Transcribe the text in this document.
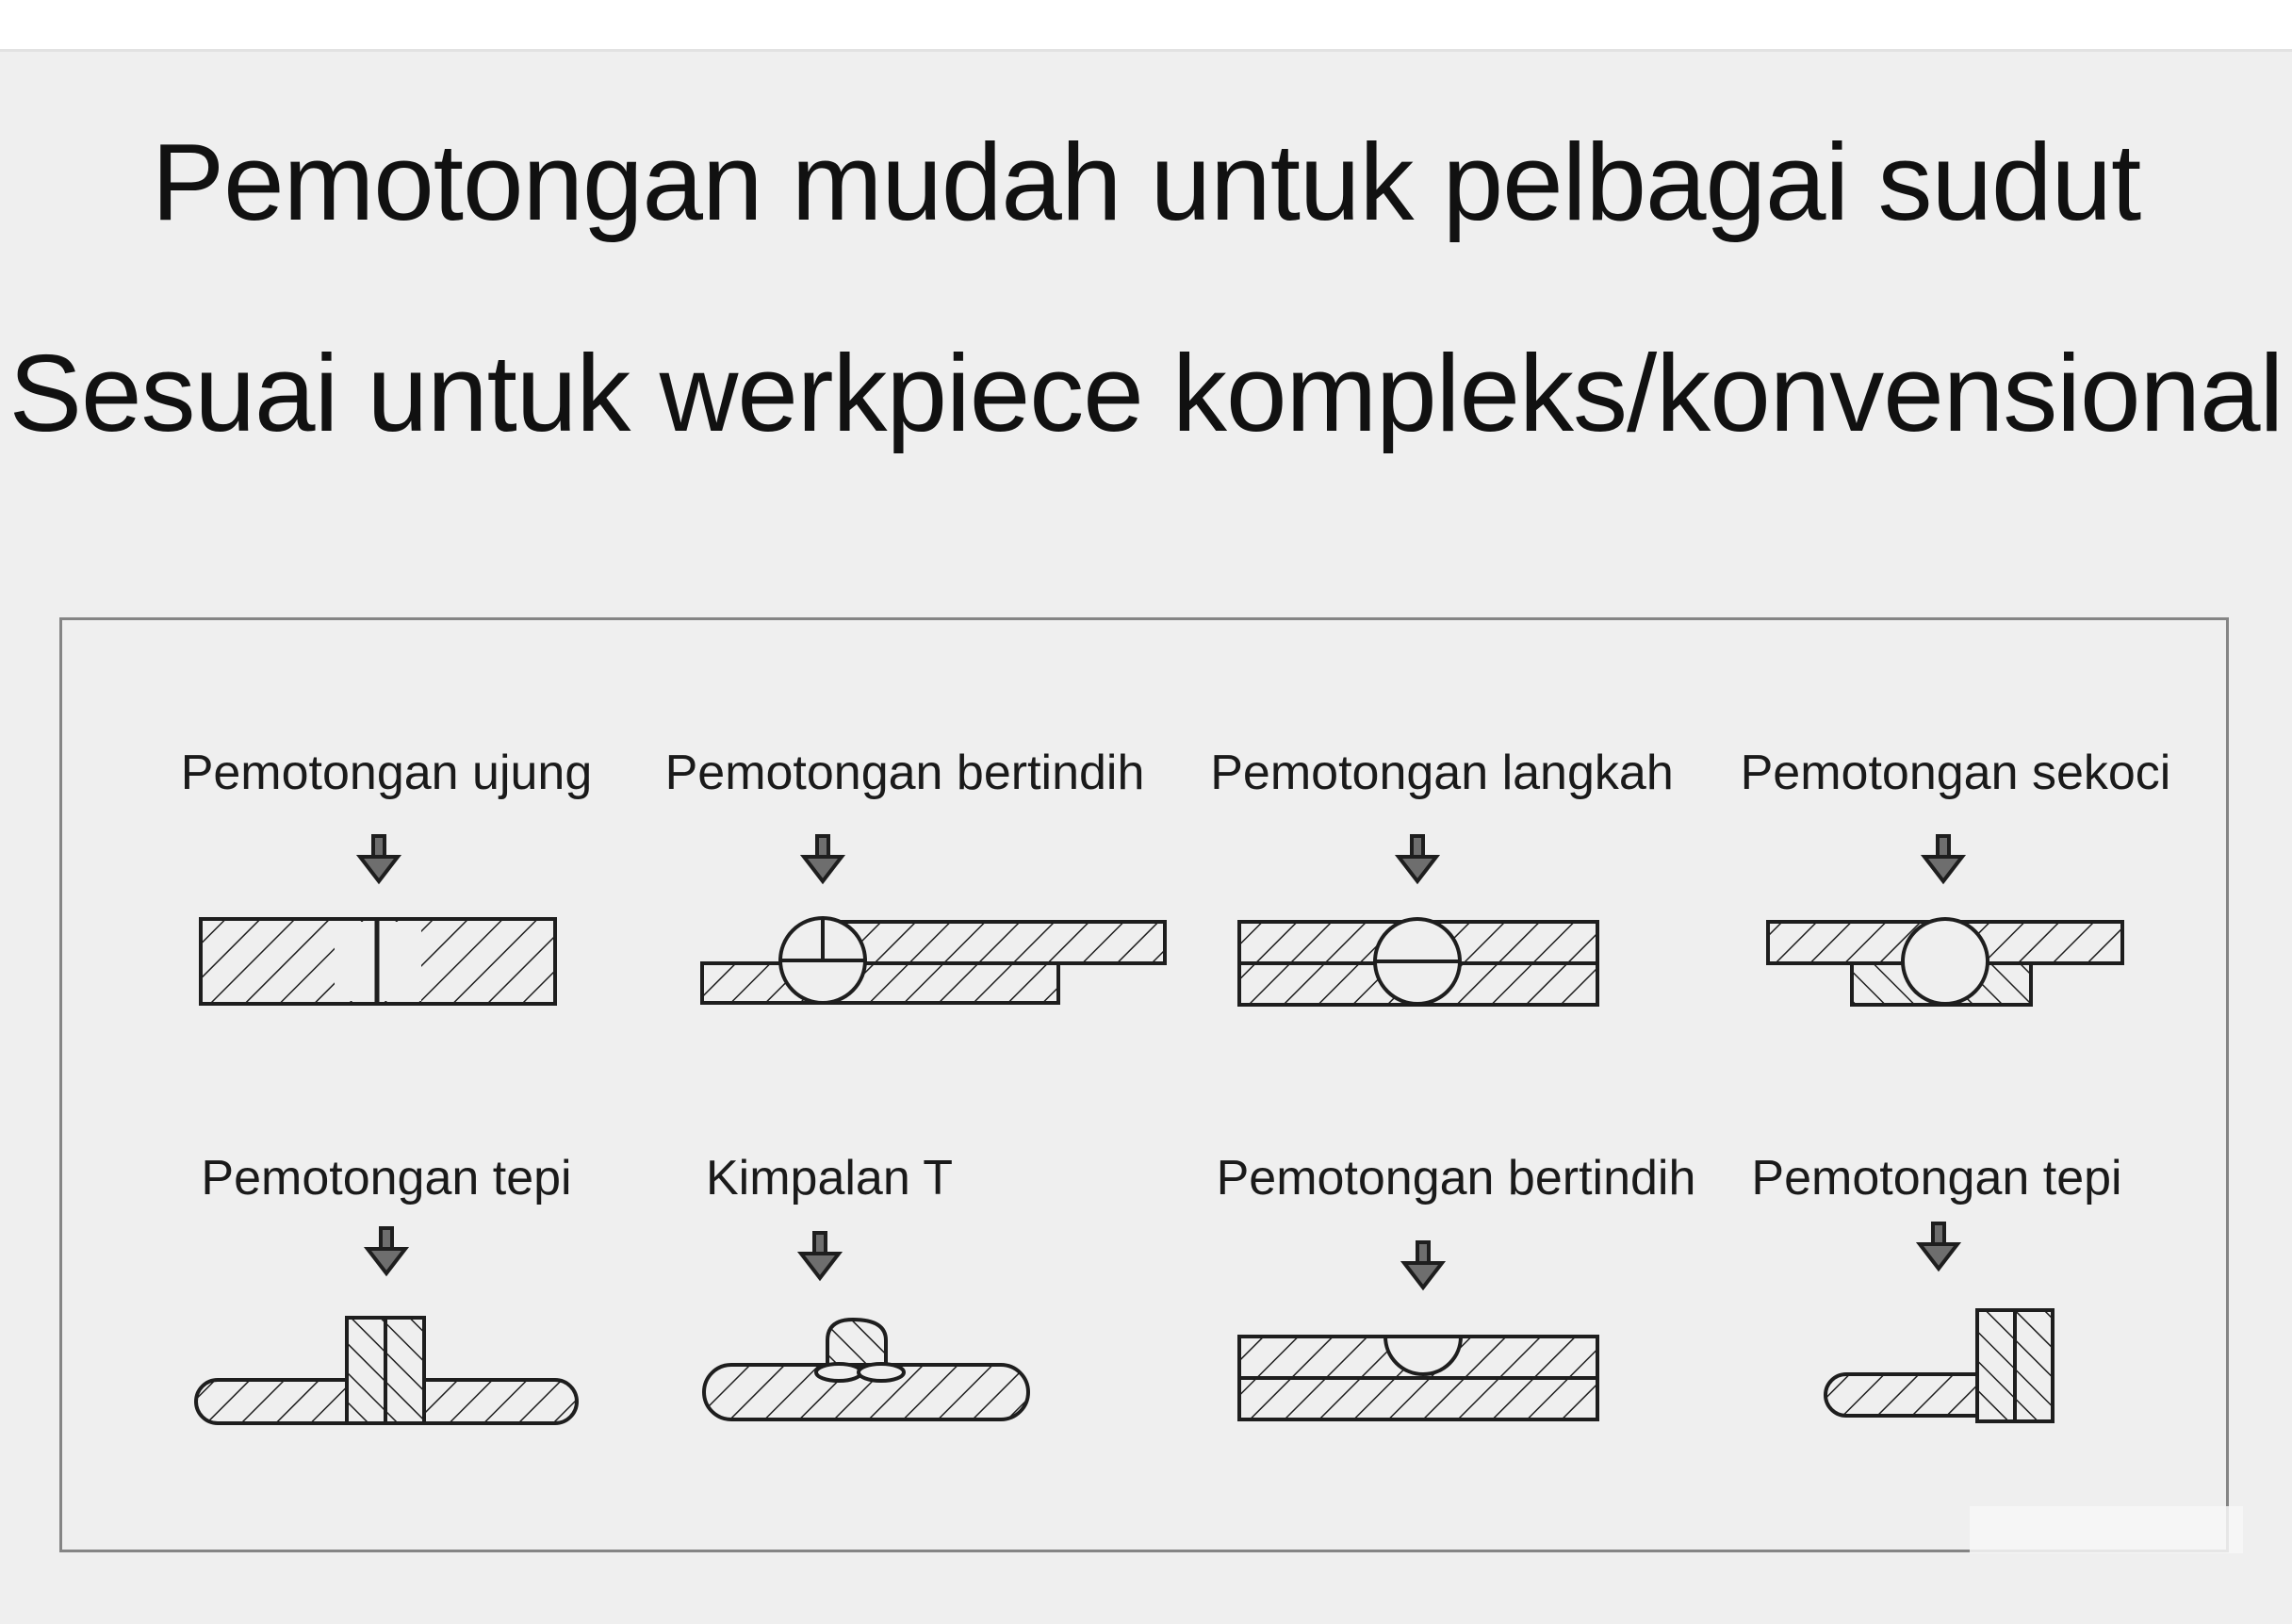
Pemotongan mudah untuk pelbagai sudut
Sesuai untuk werkpiece kompleks/konvensional
Pemotongan ujung	Pemotongan bertindih	Pemotongan langkah	Pemotongan sekoci
Pemotongan tepi	Kimpalan T	Pemotongan bertindih	Pemotongan tepi
